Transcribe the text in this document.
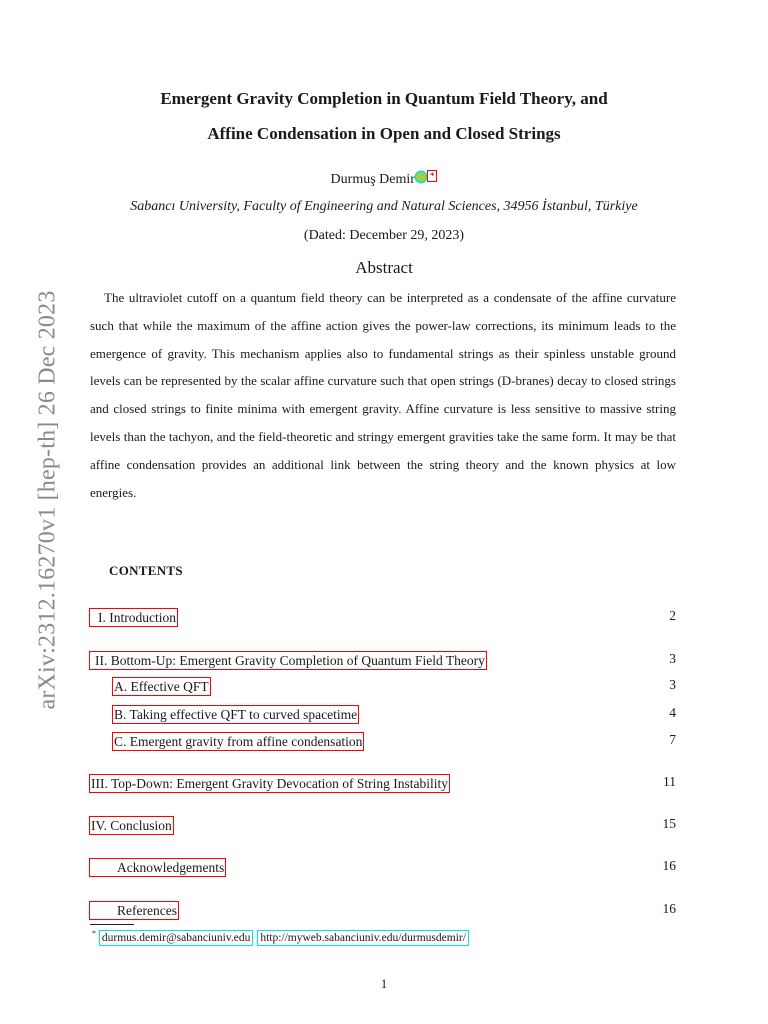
arXiv:2312.16270v1 [hep-th] 26 Dec 2023
Emergent Gravity Completion in Quantum Field Theory, and
Affine Condensation in Open and Closed Strings
Durmuş Demir *
Sabancı University, Faculty of Engineering and Natural Sciences, 34956 İstanbul, Türkiye
(Dated: December 29, 2023)
Abstract

The ultraviolet cutoff on a quantum field theory can be interpreted as a condensate of the affine curvature such that while the maximum of the affine action gives the power-law corrections, its minimum leads to the emergence of gravity. This mechanism applies also to fundamental strings as their spinless unstable ground levels can be represented by the scalar affine curvature such that open strings (D-branes) decay to closed strings and closed strings to finite minima with emergent gravity. Affine curvature is less sensitive to massive string levels than the tachyon, and the field-theoretic and stringy emergent gravities take the same form. It may be that affine condensation provides an additional link between the string theory and the known physics at low energies.

CONTENTS
I. Introduction	2
II. Bottom-Up: Emergent Gravity Completion of Quantum Field Theory	3
A. Effective QFT	3
B. Taking effective QFT to curved spacetime	4
C. Emergent gravity from affine condensation	7
III. Top-Down: Emergent Gravity Devocation of String Instability	11
IV. Conclusion	15
Acknowledgements	16
References	16
* durmus.demir@sabanciuniv.edu http://myweb.sabanciuniv.edu/durmusdemir/
1
